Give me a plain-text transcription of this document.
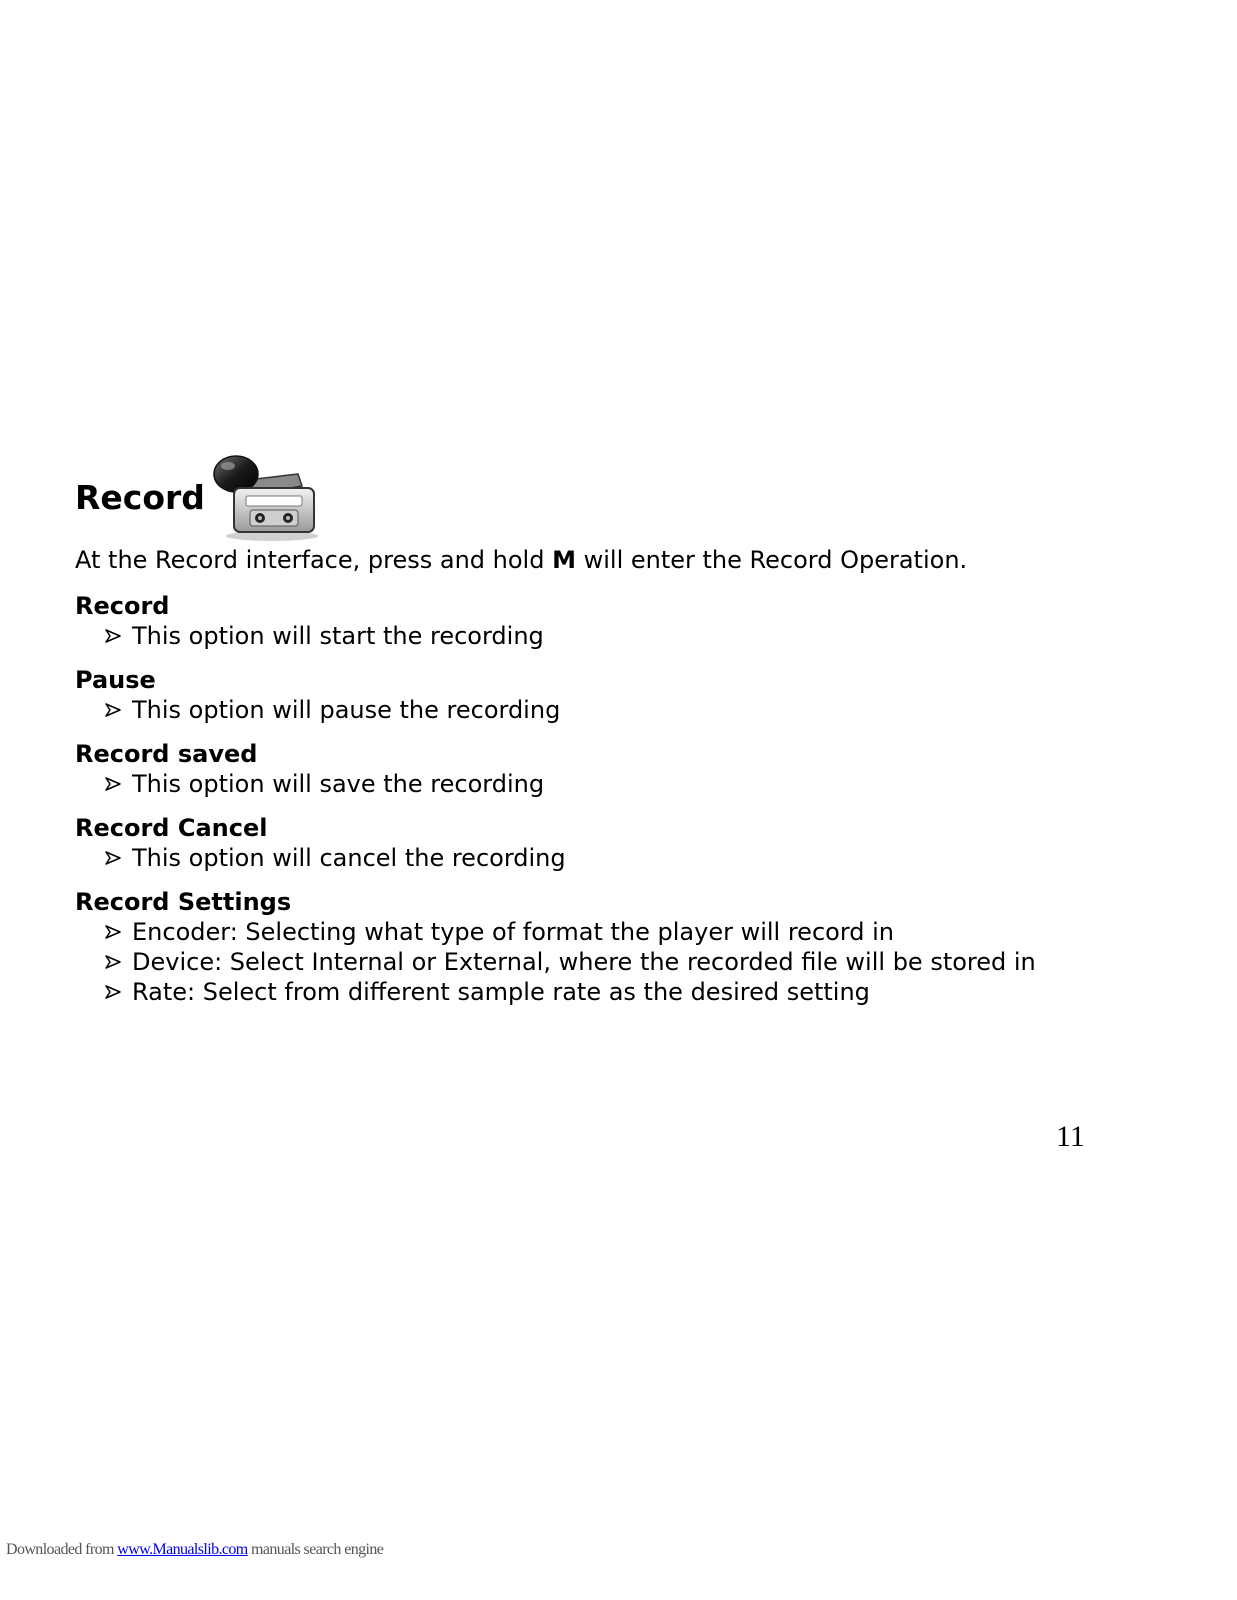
Record
At the Record interface, press and hold M will enter the Record Operation.
Record
This option will start the recording
Pause
This option will pause the recording
Record saved
This option will save the recording
Record Cancel
This option will cancel the recording
Record Settings
Encoder: Selecting what type of format the player will record in
Device: Select Internal or External, where the recorded file will be stored in
Rate: Select from different sample rate as the desired setting
11
Downloaded from www.Manualslib.com manuals search engine
